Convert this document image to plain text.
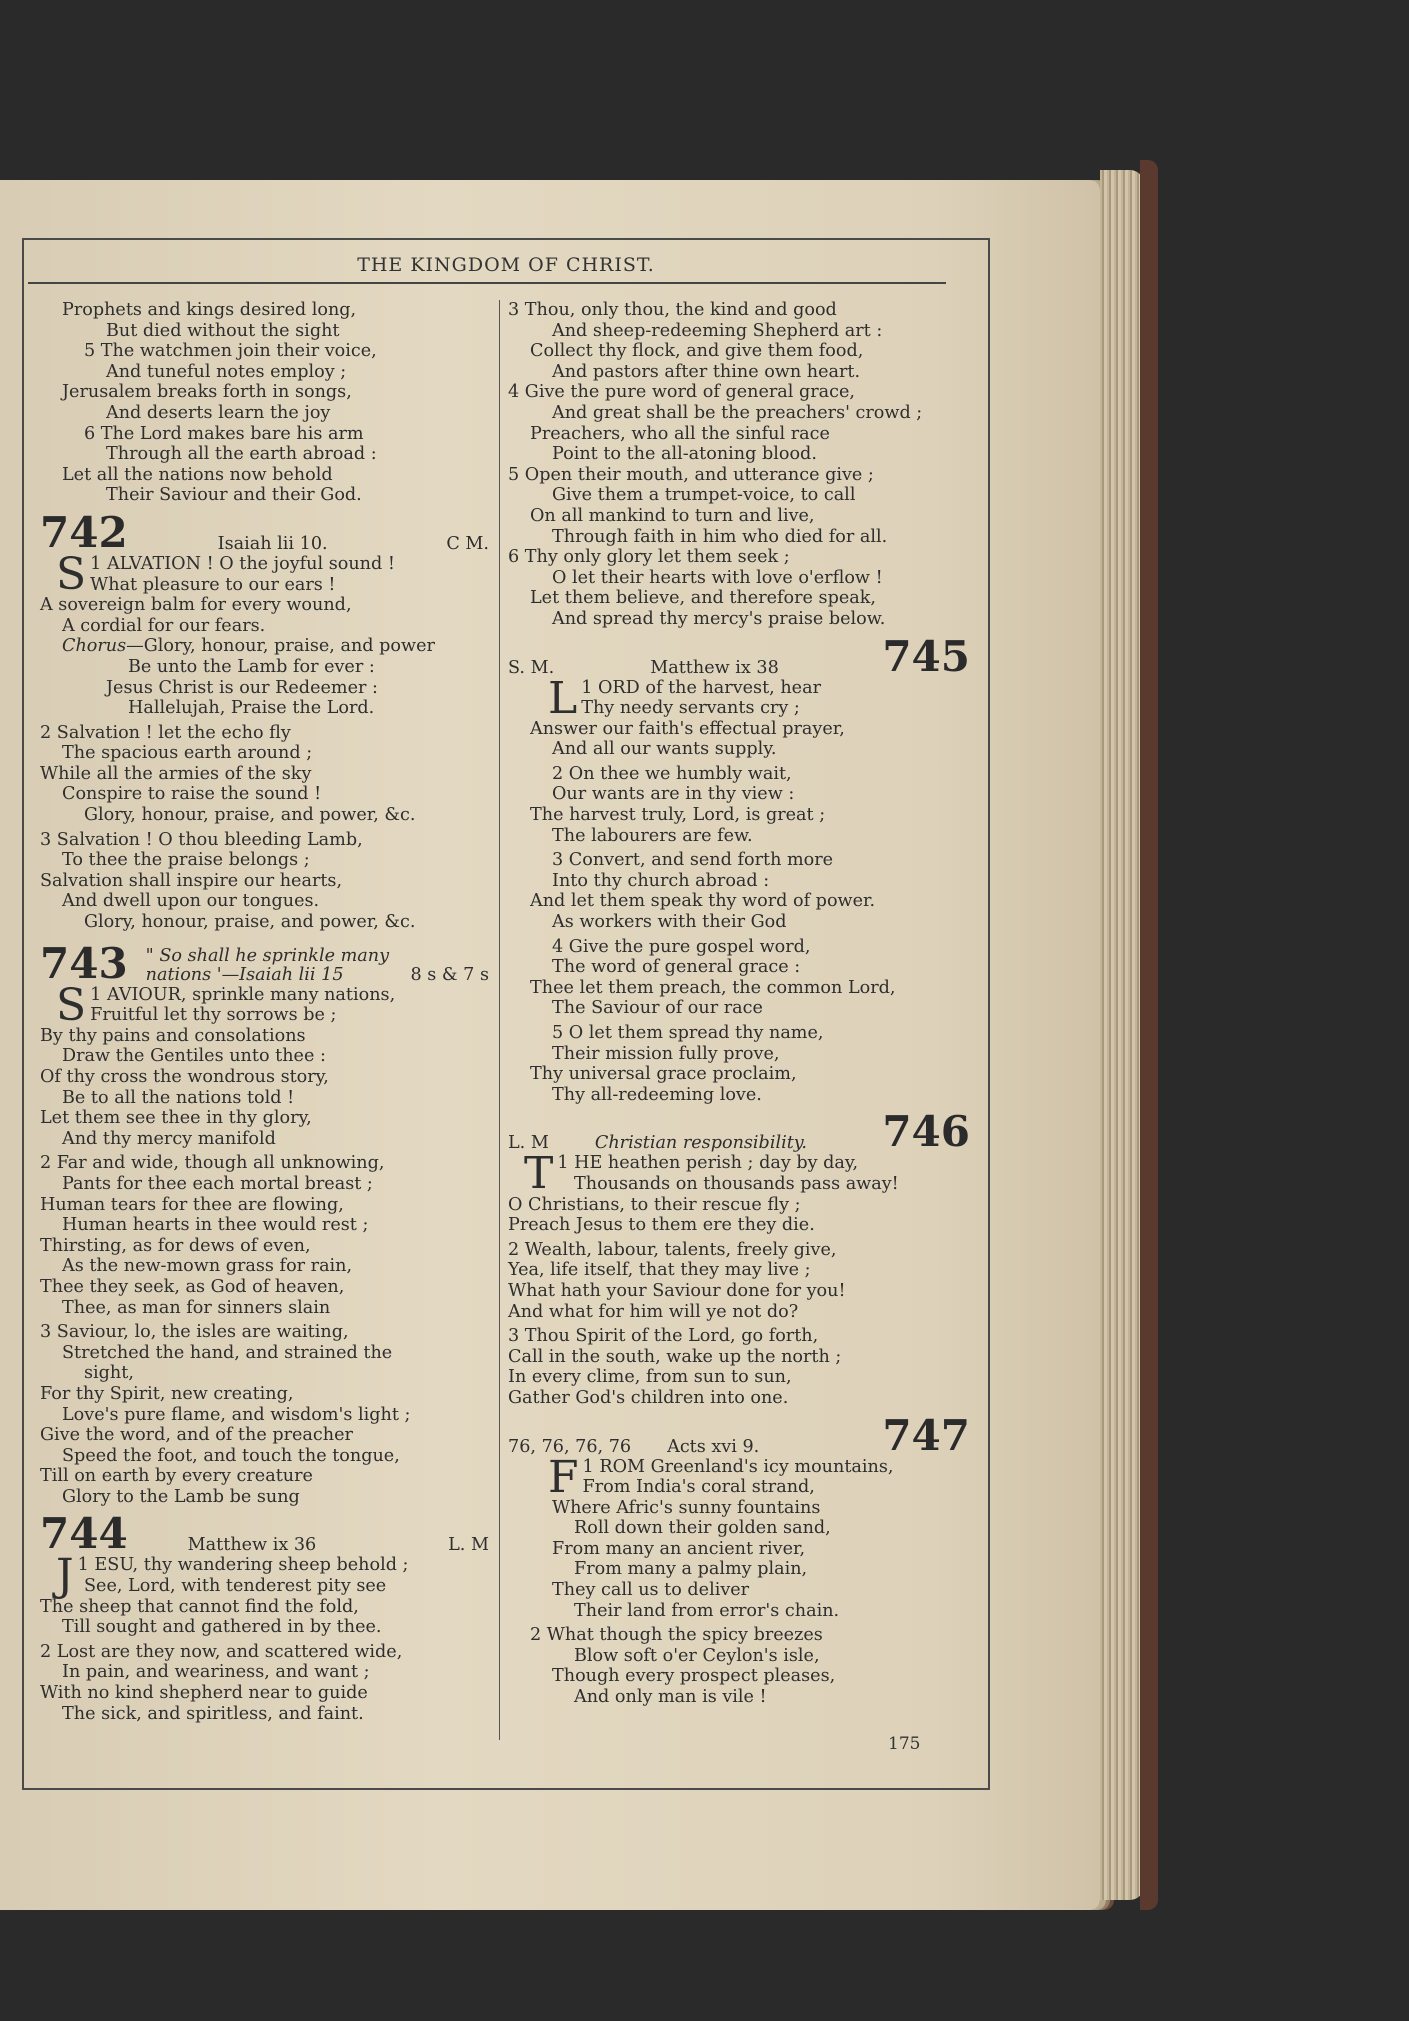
THE KINGDOM OF CHRIST.
Prophets and kings desired long,
But died without the sight
5 The watchmen join their voice,
And tuneful notes employ ;
Jerusalem breaks forth in songs,
And deserts learn the joy
6 The Lord makes bare his arm
Through all the earth abroad :
Let all the nations now behold
Their Saviour and their God.
742	Isaiah lii 10.	C M.
S 1 ALVATION ! O the joyful sound !
What pleasure to our ears !
A sovereign balm for every wound,
A cordial for our fears.
Chorus—Glory, honour, praise, and power
Be unto the Lamb for ever :
Jesus Christ is our Redeemer :
Hallelujah, Praise the Lord.
2 Salvation ! let the echo fly
The spacious earth around ;
While all the armies of the sky
Conspire to raise the sound !
Glory, honour, praise, and power, &c.
3 Salvation ! O thou bleeding Lamb,
To thee the praise belongs ;
Salvation shall inspire our hearts,
And dwell upon our tongues.
Glory, honour, praise, and power, &c.
743 " So shall he sprinkle many
nations '—Isaiah lii 15	8 s & 7 s
S 1 AVIOUR, sprinkle many nations,
Fruitful let thy sorrows be ;
By thy pains and consolations
Draw the Gentiles unto thee :
Of thy cross the wondrous story,
Be to all the nations told !
Let them see thee in thy glory,
And thy mercy manifold
2 Far and wide, though all unknowing,
Pants for thee each mortal breast ;
Human tears for thee are flowing,
Human hearts in thee would rest ;
Thirsting, as for dews of even,
As the new-mown grass for rain,
Thee they seek, as God of heaven,
Thee, as man for sinners slain
3 Saviour, lo, the isles are waiting,
Stretched the hand, and strained the
sight,
For thy Spirit, new creating,
Love's pure flame, and wisdom's light ;
Give the word, and of the preacher
Speed the foot, and touch the tongue,
Till on earth by every creature
Glory to the Lamb be sung
744	Matthew ix 36	L. M
J 1 ESU, thy wandering sheep behold ;
See, Lord, with tenderest pity see
The sheep that cannot find the fold,
Till sought and gathered in by thee.
2 Lost are they now, and scattered wide,
In pain, and weariness, and want ;
With no kind shepherd near to guide
The sick, and spiritless, and faint.
3 Thou, only thou, the kind and good
And sheep-redeeming Shepherd art :
Collect thy flock, and give them food,
And pastors after thine own heart.
4 Give the pure word of general grace,
And great shall be the preachers' crowd ;
Preachers, who all the sinful race
Point to the all-atoning blood.
5 Open their mouth, and utterance give ;
Give them a trumpet-voice, to call
On all mankind to turn and live,
Through faith in him who died for all.
6 Thy only glory let them seek ;
O let their hearts with love o'erflow !
Let them believe, and therefore speak,
And spread thy mercy's praise below.
S. M.	Matthew ix 38 745
L 1 ORD of the harvest, hear
Thy needy servants cry ;
Answer our faith's effectual prayer,
And all our wants supply.
2 On thee we humbly wait,
Our wants are in thy view :
The harvest truly, Lord, is great ;
The labourers are few.
3 Convert, and send forth more
Into thy church abroad :
And let them speak thy word of power.
As workers with their God
4 Give the pure gospel word,
The word of general grace :
Thee let them preach, the common Lord,
The Saviour of our race
5 O let them spread thy name,
Their mission fully prove,
Thy universal grace proclaim,
Thy all-redeeming love.
L. M	Christian responsibility. 746
T 1 HE heathen perish ; day by day,
Thousands on thousands pass away!
O Christians, to their rescue fly ;
Preach Jesus to them ere they die.
2 Wealth, labour, talents, freely give,
Yea, life itself, that they may live ;
What hath your Saviour done for you!
And what for him will ye not do?
3 Thou Spirit of the Lord, go forth,
Call in the south, wake up the north ;
In every clime, from sun to sun,
Gather God's children into one.
76, 76, 76, 76	Acts xvi 9.	747
F 1 ROM Greenland's icy mountains,
From India's coral strand,
Where Afric's sunny fountains
Roll down their golden sand,
From many an ancient river,
From many a palmy plain,
They call us to deliver
Their land from error's chain.
2 What though the spicy breezes
Blow soft o'er Ceylon's isle,
Though every prospect pleases,
And only man is vile !
175
